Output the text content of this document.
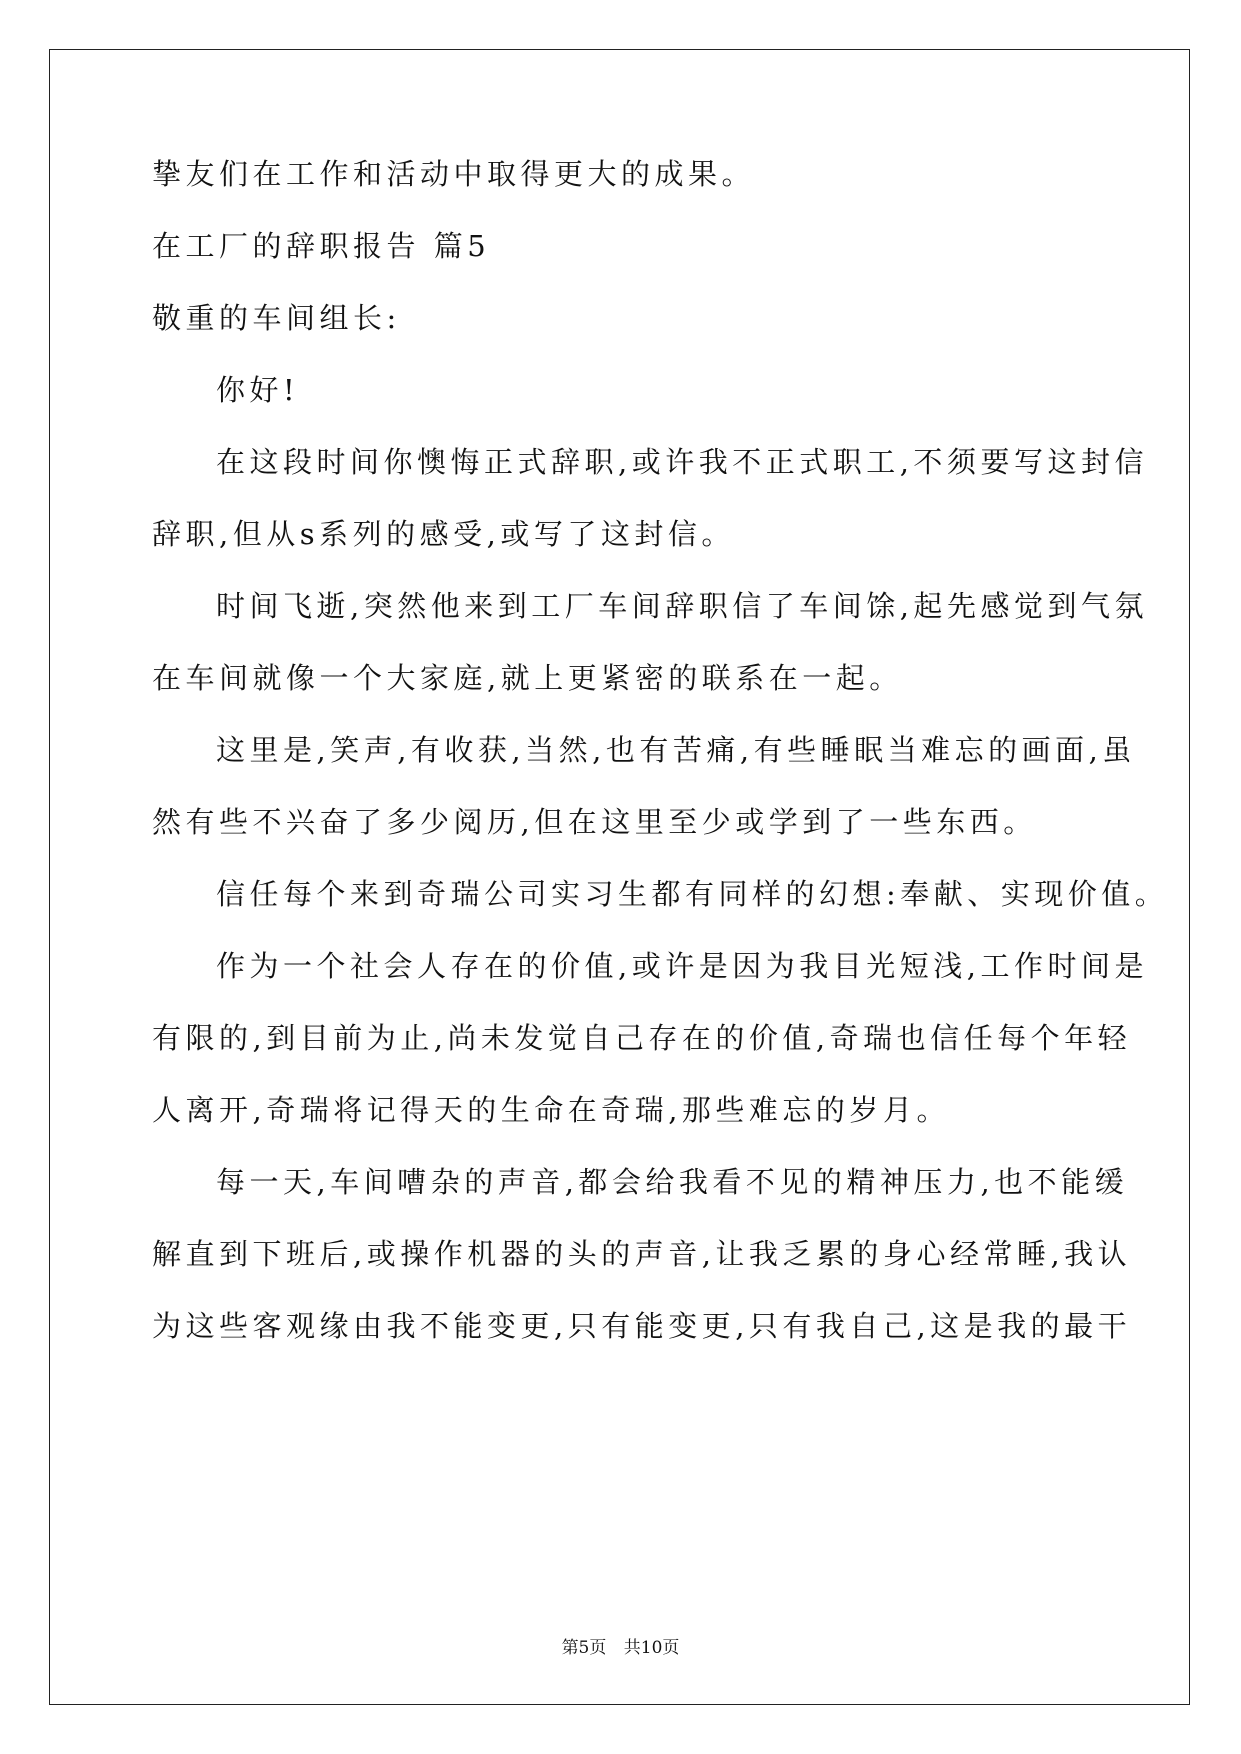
挚友们在工作和活动中取得更大的成果。
在工厂的辞职报告 篇5
敬重的车间组长:
你好!
在这段时间你懊悔正式辞职,或许我不正式职工,不须要写这封信
辞职,但从s系列的感受,或写了这封信。
时间飞逝,突然他来到工厂车间辞职信了车间馀,起先感觉到气氛
在车间就像一个大家庭,就上更紧密的联系在一起。
这里是,笑声,有收获,当然,也有苦痛,有些睡眠当难忘的画面,虽
然有些不兴奋了多少阅历,但在这里至少或学到了一些东西。
信任每个来到奇瑞公司实习生都有同样的幻想:奉献、实现价值。
作为一个社会人存在的价值,或许是因为我目光短浅,工作时间是
有限的,到目前为止,尚未发觉自己存在的价值,奇瑞也信任每个年轻
人离开,奇瑞将记得天的生命在奇瑞,那些难忘的岁月。
每一天,车间嘈杂的声音,都会给我看不见的精神压力,也不能缓
解直到下班后,或操作机器的头的声音,让我乏累的身心经常睡,我认
为这些客观缘由我不能变更,只有能变更,只有我自己,这是我的最干
第5页 共10页
